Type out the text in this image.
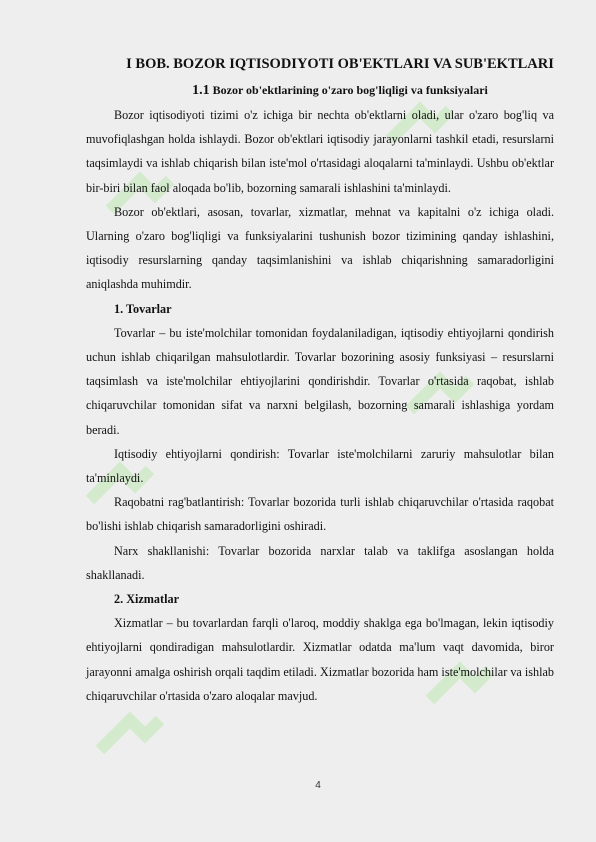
I BOB. BOZOR IQTISODIYOTI OB'EKTLARI VA SUB'EKTLARI
1.1 Bozor ob'ektlarining o'zaro bog'liqligi va funksiyalari

Bozor iqtisodiyoti tizimi o'z ichiga bir nechta ob'ektlarni oladi, ular o'zaro bog'liq va muvofiqlashgan holda ishlaydi. Bozor ob'ektlari iqtisodiy jarayonlarni tashkil etadi, resurslarni taqsimlaydi va ishlab chiqarish bilan iste'mol o'rtasidagi aloqalarni ta'minlaydi. Ushbu ob'ektlar bir-biri bilan faol aloqada bo'lib, bozorning samarali ishlashini ta'minlaydi.

Bozor ob'ektlari, asosan, tovarlar, xizmatlar, mehnat va kapitalni o'z ichiga oladi. Ularning o'zaro bog'liqligi va funksiyalarini tushunish bozor tizimining qanday ishlashini, iqtisodiy resurslarning qanday taqsimlanishini va ishlab chiqarishning samaradorligini aniqlashda muhimdir.

1. Tovarlar

Tovarlar – bu iste'molchilar tomonidan foydalaniladigan, iqtisodiy ehtiyojlarni qondirish uchun ishlab chiqarilgan mahsulotlardir. Tovarlar bozorining asosiy funksiyasi – resurslarni taqsimlash va iste'molchilar ehtiyojlarini qondirishdir. Tovarlar o'rtasida raqobat, ishlab chiqaruvchilar tomonidan sifat va narxni belgilash, bozorning samarali ishlashiga yordam beradi.

Iqtisodiy ehtiyojlarni qondirish: Tovarlar iste'molchilarni zaruriy mahsulotlar bilan ta'minlaydi.

Raqobatni rag'batlantirish: Tovarlar bozorida turli ishlab chiqaruvchilar o'rtasida raqobat bo'lishi ishlab chiqarish samaradorligini oshiradi.

Narx shakllanishi: Tovarlar bozorida narxlar talab va taklifga asoslangan holda shakllanadi.

2. Xizmatlar

Xizmatlar – bu tovarlardan farqli o'laroq, moddiy shaklga ega bo'lmagan, lekin iqtisodiy ehtiyojlarni qondiradigan mahsulotlardir. Xizmatlar odatda ma'lum vaqt davomida, biror jarayonni amalga oshirish orqali taqdim etiladi. Xizmatlar bozorida ham iste'molchilar va ishlab chiqaruvchilar o'rtasida o'zaro aloqalar mavjud.

4
